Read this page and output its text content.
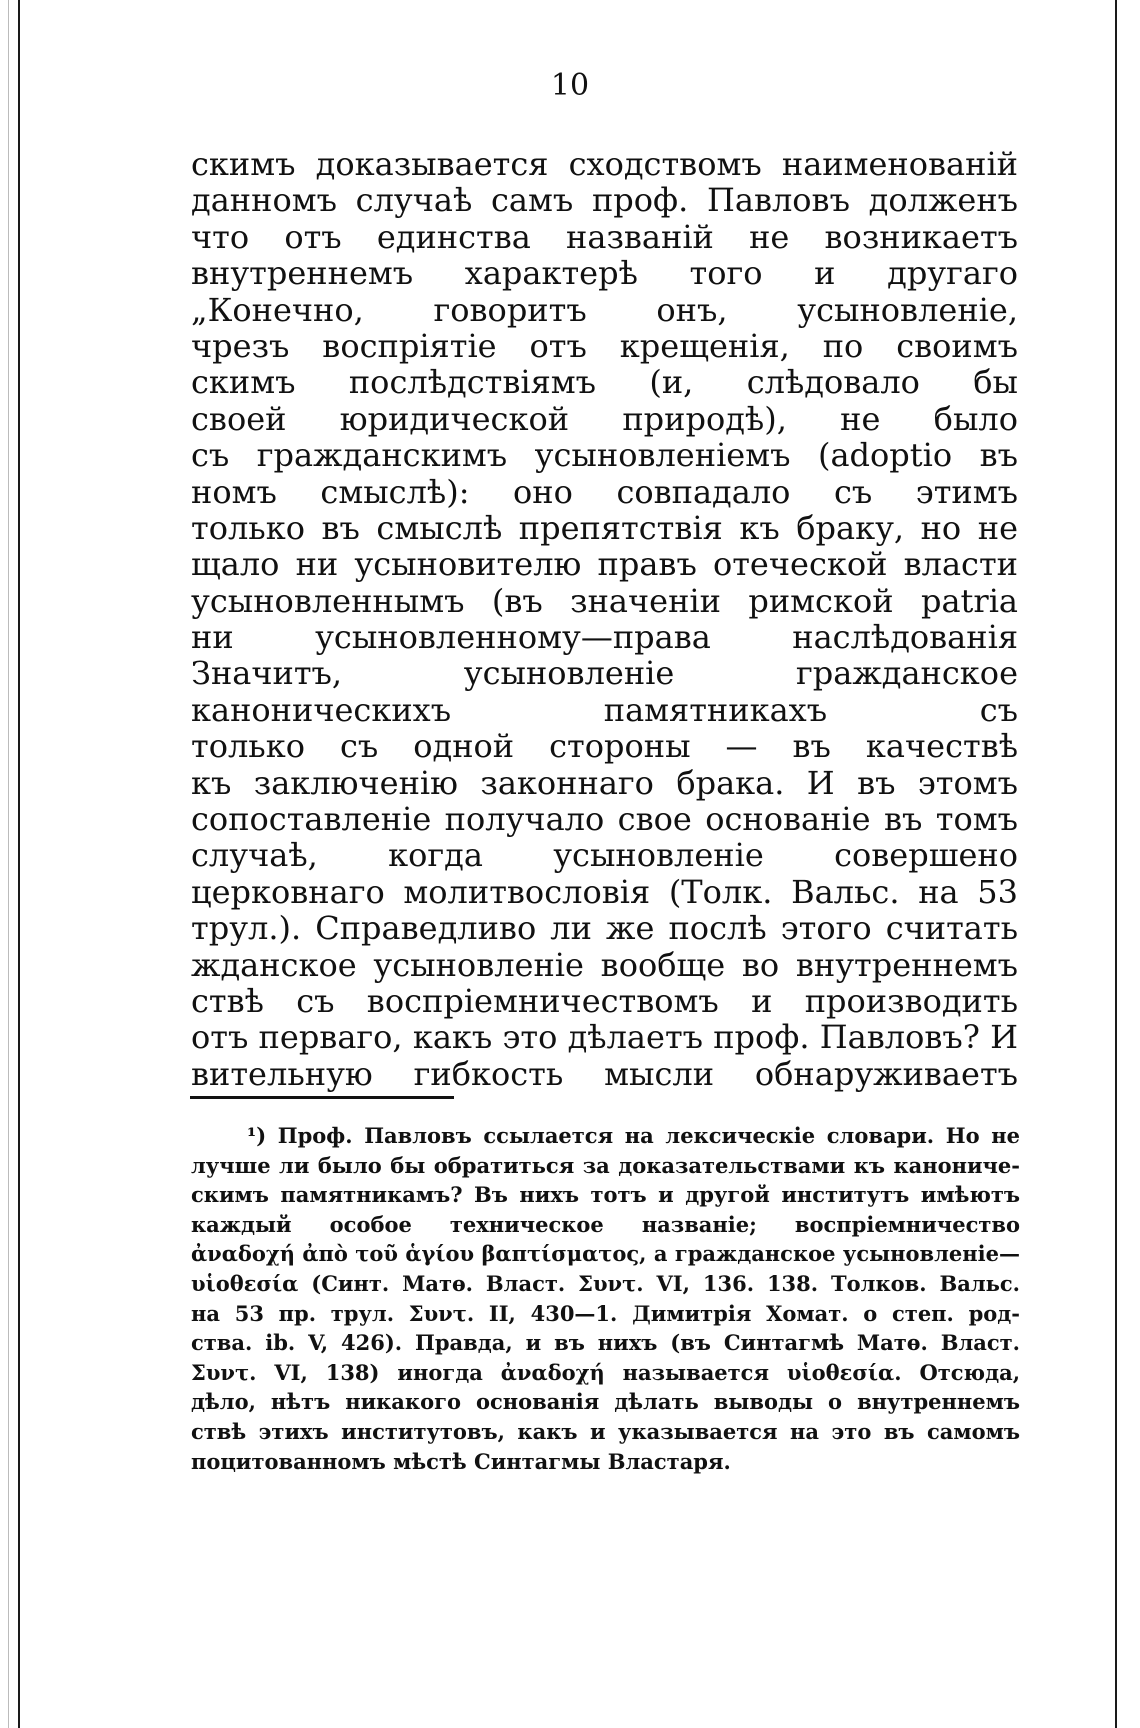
10
скимъ доказывается сходствомъ наименованій
данномъ случаѣ самъ проф. Павловъ долженъ
что отъ единства названій не возникаетъ
внутреннемъ характерѣ того и другаго
„Конечно, говоритъ онъ, усыновленіе,
чрезъ воспріятіе отъ крещенія, по своимъ
скимъ послѣдствіямъ (и, слѣдовало бы
своей юридической природѣ), не было
съ гражданскимъ усыновленіемъ (adoptio въ
номъ смыслѣ): оно совпадало съ этимъ
только въ смыслѣ препятствія къ браку, но не
щало ни усыновителю правъ отеческой власти
усыновленнымъ (въ значеніи римской patria
ни усыновленному—права наслѣдованія
Значитъ, усыновленіе гражданское
каноническихъ памятникахъ съ
только съ одной стороны — въ качествѣ
къ заключенію законнаго брака. И въ этомъ
сопоставленіе получало свое основаніе въ томъ
случаѣ, когда усыновленіе совершено
церковнаго молитвословія (Толк. Вальс. на 53
трул.). Справедливо ли же послѣ этого считать
жданское усыновленіе вообще во внутреннемъ
ствѣ съ воспріемничествомъ и производить
отъ перваго, какъ это дѣлаетъ проф. Павловъ? И
вительную гибкость мысли обнаруживаетъ
¹) Проф. Павловъ ссылается на лексическіе словари. Но не
лучше ли было бы обратиться за доказательствами къ канониче-
скимъ памятникамъ? Въ нихъ тотъ и другой институтъ имѣютъ
каждый особое техническое названіе; воспріемничество
ἀναδοχή ἀπὸ τοῦ ἁγίου βαπτίσματος, а гражданское усыновленіе—
υἱοθεσία (Синт. Матѳ. Власт. Συντ. VI, 136. 138. Толков. Вальс.
на 53 пр. трул. Συντ. II, 430—1. Димитрія Хомат. о степ. род-
ства. ib. V, 426). Правда, и въ нихъ (въ Синтагмѣ Матѳ. Власт.
Συντ. VI, 138) иногда ἀναδοχή называется υἱοθεσία. Отсюда,
дѣло, нѣтъ никакого основанія дѣлать выводы о внутреннемъ
ствѣ этихъ институтовъ, какъ и указывается на это въ самомъ
поцитованномъ мѣстѣ Синтагмы Властаря.
